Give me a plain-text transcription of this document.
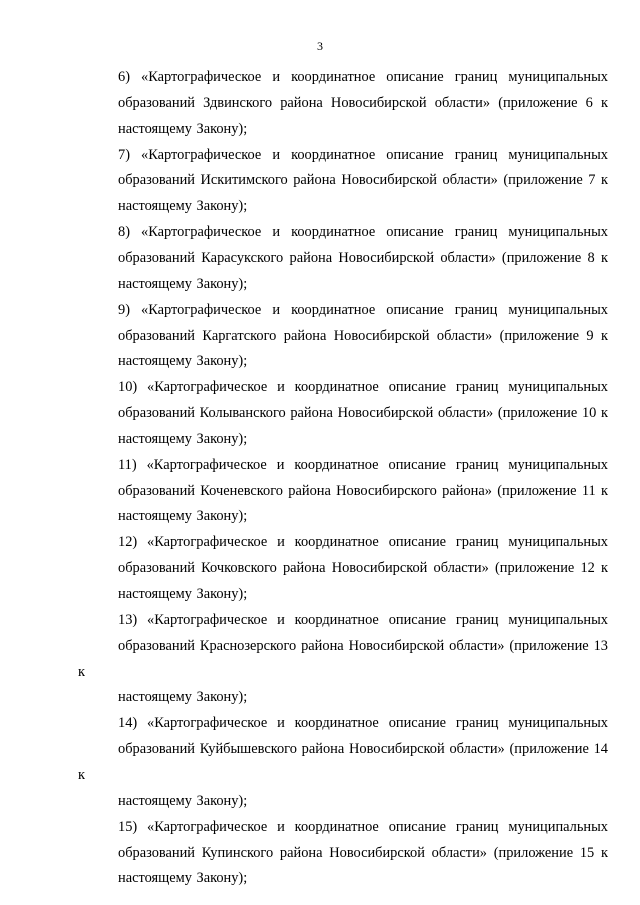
3
6) «Картографическое и координатное описание границ муниципальных
образований Здвинского района Новосибирской области» (приложение 6 к
настоящему Закону);
7) «Картографическое и координатное описание границ муниципальных
образований Искитимского района Новосибирской области» (приложение 7 к
настоящему Закону);
8) «Картографическое и координатное описание границ муниципальных
образований Карасукского района Новосибирской области» (приложение 8 к
настоящему Закону);
9) «Картографическое и координатное описание границ муниципальных
образований Каргатского района Новосибирской области» (приложение 9 к
настоящему Закону);
10) «Картографическое и координатное описание границ муниципальных
образований Колыванского района Новосибирской области» (приложение 10 к
настоящему Закону);
11) «Картографическое и координатное описание границ муниципальных
образований Коченевского района Новосибирского района» (приложение 11 к
настоящему Закону);
12) «Картографическое и координатное описание границ муниципальных
образований Кочковского района Новосибирской области» (приложение 12 к
настоящему Закону);
13) «Картографическое и координатное описание границ муниципальных
образований Краснозерского района Новосибирской области» (приложение 13 к
настоящему Закону);
14) «Картографическое и координатное описание границ муниципальных
образований Куйбышевского района Новосибирской области» (приложение 14 к
настоящему Закону);
15) «Картографическое и координатное описание границ муниципальных
образований Купинского района Новосибирской области» (приложение 15 к
настоящему Закону);
